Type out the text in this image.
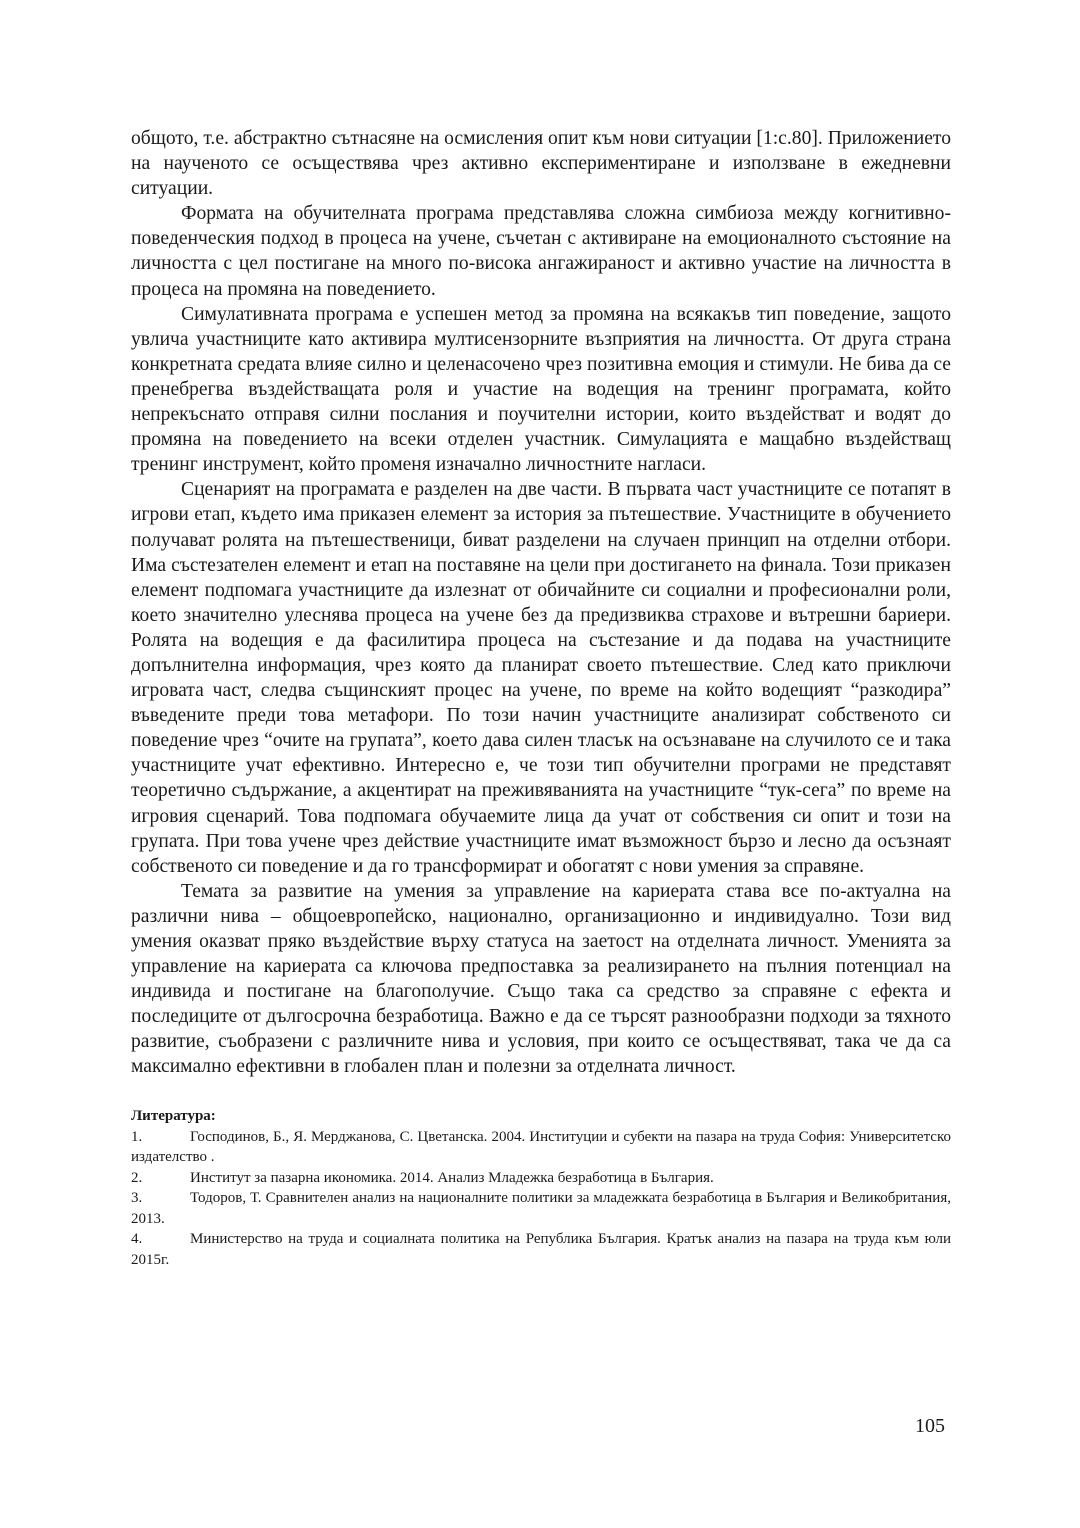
общото, т.е. абстрактно сътнасяне на осмисления опит към нови ситуации [1:с.80]. Приложението на наученото се осъществява чрез активно експериментиране и използване в ежедневни ситуации.

Формата на обучителната програма представлява сложна симбиоза между когнитивно-поведенческия подход в процеса на учене, съчетан с активиране на емоционалното състояние на личността с цел постигане на много по-висока ангажираност и активно участие на личността в процеса на промяна на поведението.

Симулативната програма е успешен метод за промяна на всякакъв тип поведение, защото увлича участниците като активира мултисензорните възприятия на личността. От друга страна конкретната средата влияе силно и целенасочено чрез позитивна емоция и стимули. Не бива да се пренебрегва въздействащата роля и участие на водещия на тренинг програмата, който непрекъснато отправя силни послания и поучителни истории, които въздействат и водят до промяна на поведението на всеки отделен участник. Симулацията е мащабно въздействащ тренинг инструмент, който променя изначално личностните нагласи.

Сценарият на програмата е разделен на две части. В първата част участниците се потапят в игрови етап, където има приказен елемент за история за пътешествие. Участниците в обучението получават ролята на пътешественици, биват разделени на случаен принцип на отделни отбори. Има състезателен елемент и етап на поставяне на цели при достигането на финала. Този приказен елемент подпомага участниците да излезнат от обичайните си социални и професионални роли, което значително улеснява процеса на учене без да предизвиква страхове и вътрешни бариери. Ролята на водещия е да фасилитира процеса на състезание и да подава на участниците допълнителна информация, чрез която да планират своето пътешествие. След като приключи игровата част, следва същинският процес на учене, по време на който водещият “разкодира” въведените преди това метафори. По този начин участниците анализират собственото си поведение чрез “очите на групата”, което дава силен тласък на осъзнаване на случилото се и така участниците учат ефективно. Интересно е, че този тип обучителни програми не представят теоретично съдържание, а акцентират на преживяванията на участниците “тук-сега” по време на игровия сценарий. Това подпомага обучаемите лица да учат от собствения си опит и този на групата. При това учене чрез действие участниците имат възможност бързо и лесно да осъзнаят собственото си поведение и да го трансформират и обогатят с нови умения за справяне.

Темата за развитие на умения за управление на кариерата става все по-актуална на различни нива – общоевропейско, национално, организационно и индивидуално. Този вид умения оказват пряко въздействие върху статуса на заетост на отделната личност. Уменията за управление на кариерата са ключова предпоставка за реализирането на пълния потенциал на индивида и постигане на благополучие. Също така са средство за справяне с ефекта и последиците от дългосрочна безработица. Важно е да се търсят разнообразни подходи за тяхното развитие, съобразени с различните нива и условия, при които се осъществяват, така че да са максимално ефективни в глобален план и полезни за отделната личност.

Литература:

1.	Господинов, Б., Я. Мерджанова, С. Цветанска. 2004. Институции и субекти на пазара на труда София: Университетско издателство .

2.	Институт за пазарна икономика. 2014. Анализ Младежка безработица в България.

3.	Тодоров, Т. Сравнителен анализ на националните политики за младежката безработица в България и Великобритания, 2013.

4.	Министерство на труда и социалната политика на Република България. Кратък анализ на пазара на труда към юли 2015г.

105
